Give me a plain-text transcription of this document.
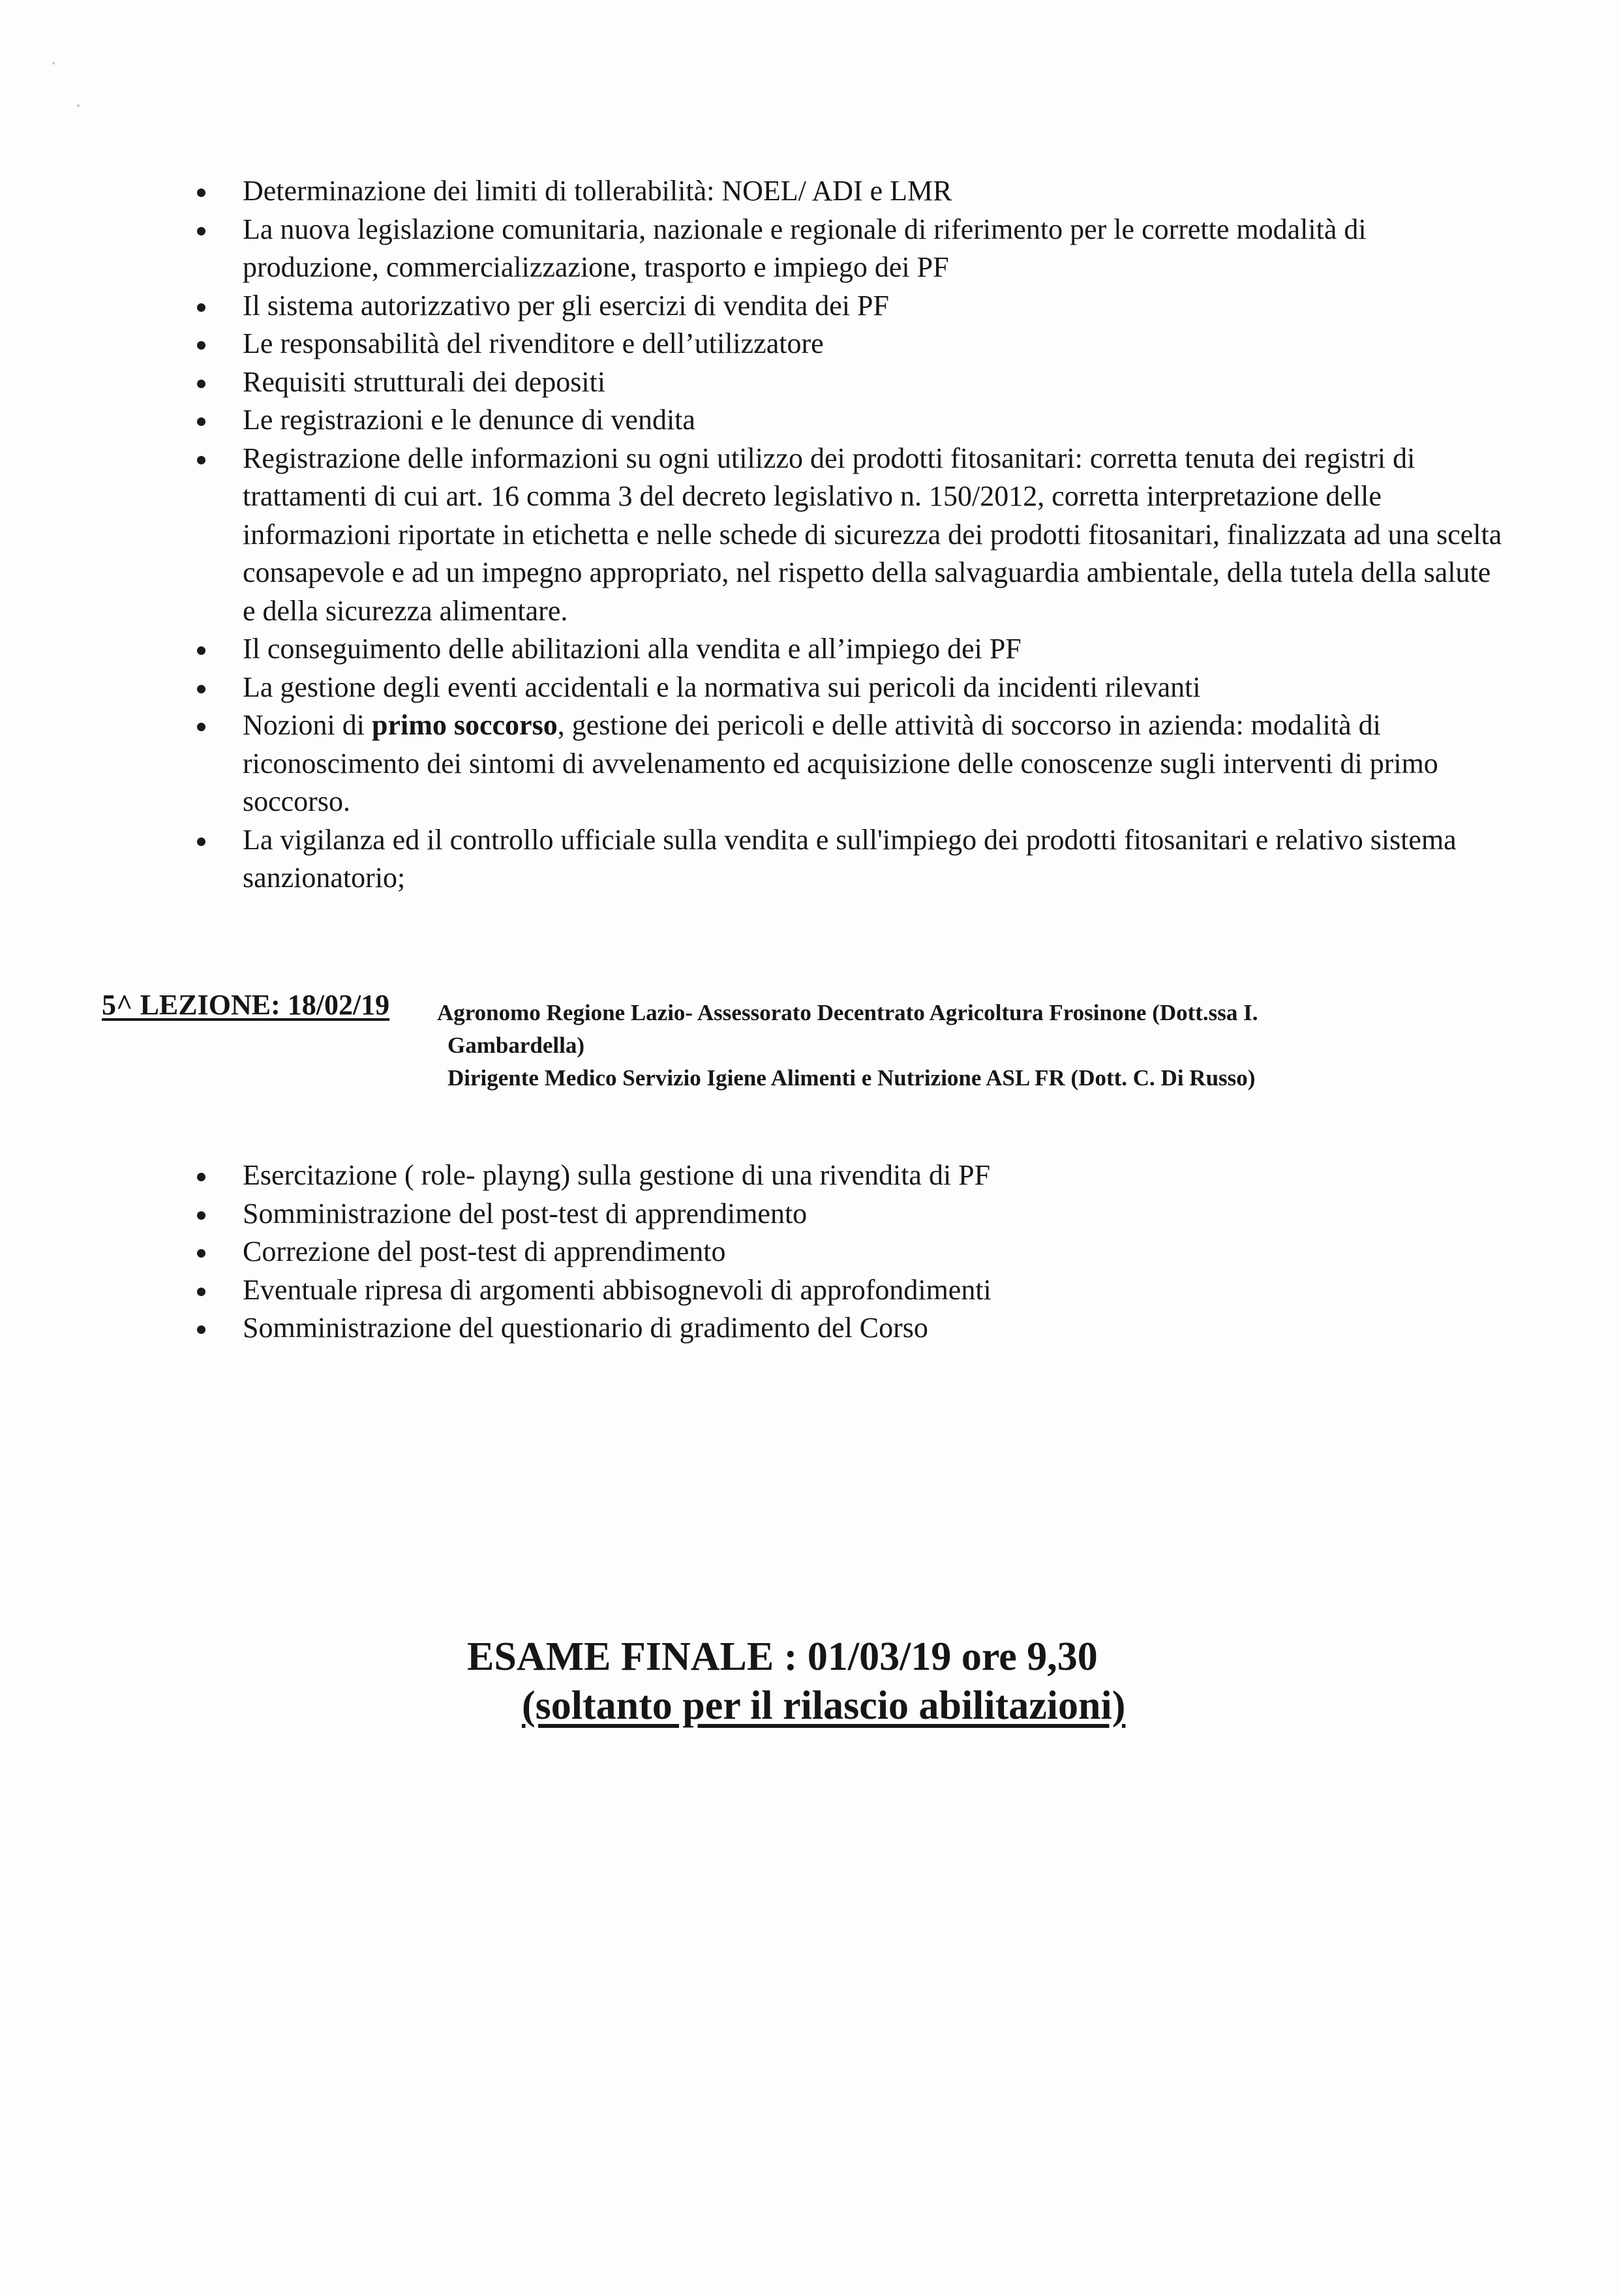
Determinazione dei limiti di tollerabilità: NOEL/ ADI e LMR
La nuova legislazione comunitaria, nazionale e regionale di riferimento per le corrette modalità di produzione, commercializzazione, trasporto e impiego dei PF
Il sistema autorizzativo per gli esercizi di vendita dei PF
Le responsabilità del rivenditore e dell’utilizzatore
Requisiti strutturali dei depositi
Le registrazioni e le denunce di vendita
Registrazione delle informazioni su ogni utilizzo dei prodotti fitosanitari: corretta tenuta dei registri di trattamenti di cui art. 16 comma 3 del decreto legislativo n. 150/2012, corretta interpretazione delle informazioni riportate in etichetta e nelle schede di sicurezza dei prodotti fitosanitari, finalizzata ad una scelta consapevole e ad un impegno appropriato, nel rispetto della salvaguardia ambientale, della tutela della salute e della sicurezza alimentare.
Il conseguimento delle abilitazioni alla vendita e all’impiego dei PF
La gestione degli eventi accidentali e la normativa sui pericoli da incidenti rilevanti
Nozioni di primo soccorso, gestione dei pericoli e delle attività di soccorso in azienda: modalità di riconoscimento dei sintomi di avvelenamento ed acquisizione delle conoscenze sugli interventi di primo soccorso.
La vigilanza ed il controllo ufficiale sulla vendita e sull'impiego dei prodotti fitosanitari e relativo sistema sanzionatorio;
5^ LEZIONE: 18/02/19 Agronomo Regione Lazio- Assessorato Decentrato Agricoltura Frosinone (Dott.ssa I.
Gambardella)
Dirigente Medico Servizio Igiene Alimenti e Nutrizione ASL FR (Dott. C. Di Russo)
Esercitazione ( role- playng) sulla gestione di una rivendita di PF
Somministrazione del post-test di apprendimento
Correzione del post-test di apprendimento
Eventuale ripresa di argomenti abbisognevoli di approfondimenti
Somministrazione del questionario di gradimento del Corso
ESAME FINALE : 01/03/19 ore 9,30
(soltanto per il rilascio abilitazioni)
